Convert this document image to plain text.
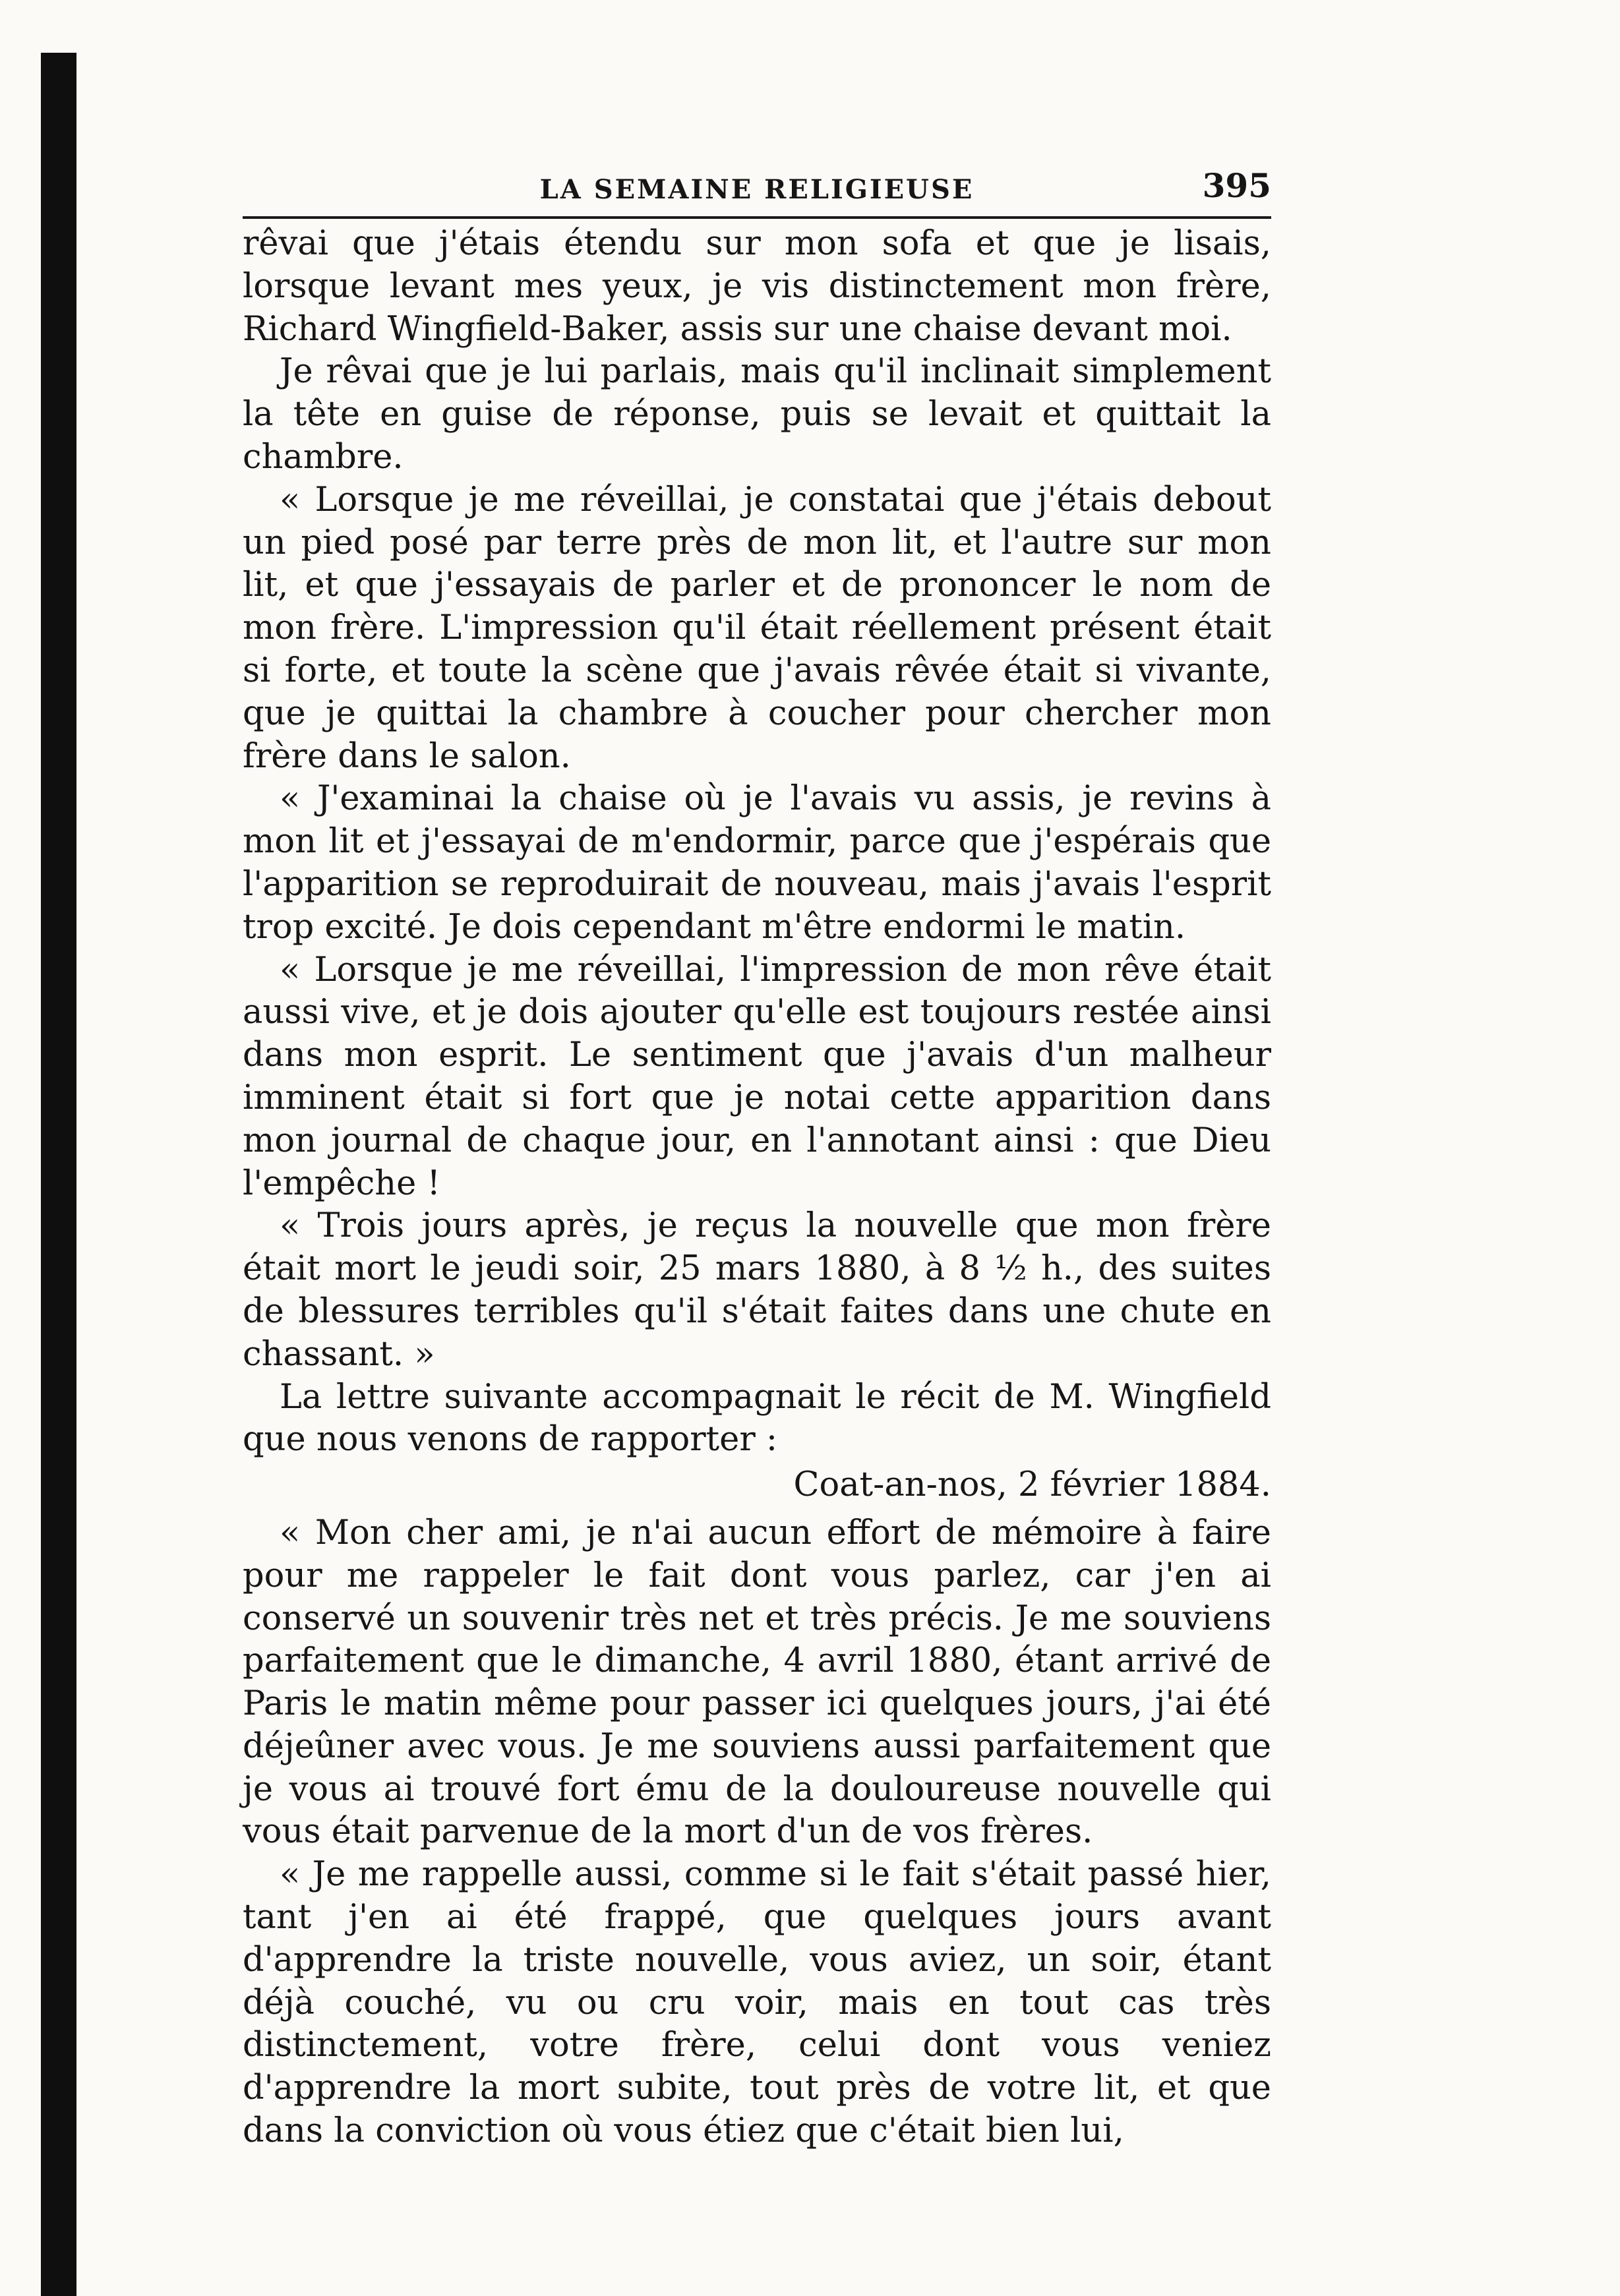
LA SEMAINE RELIGIEUSE	395

rêvai que j'étais étendu sur mon sofa et que je lisais, lorsque levant mes yeux, je vis distinctement mon frère, Richard Wingfield-Baker, assis sur une chaise devant moi.

Je rêvai que je lui parlais, mais qu'il inclinait simplement la tête en guise de réponse, puis se levait et quittait la chambre.

« Lorsque je me réveillai, je constatai que j'étais debout un pied posé par terre près de mon lit, et l'autre sur mon lit, et que j'essayais de parler et de prononcer le nom de mon frère. L'impression qu'il était réellement présent était si forte, et toute la scène que j'avais rêvée était si vivante, que je quittai la chambre à coucher pour chercher mon frère dans le salon.

« J'examinai la chaise où je l'avais vu assis, je revins à mon lit et j'essayai de m'endormir, parce que j'espérais que l'apparition se reproduirait de nouveau, mais j'avais l'esprit trop excité. Je dois cependant m'être endormi le matin.

« Lorsque je me réveillai, l'impression de mon rêve était aussi vive, et je dois ajouter qu'elle est toujours restée ainsi dans mon esprit. Le sentiment que j'avais d'un malheur imminent était si fort que je notai cette apparition dans mon journal de chaque jour, en l'annotant ainsi : que Dieu l'empêche !

« Trois jours après, je reçus la nouvelle que mon frère était mort le jeudi soir, 25 mars 1880, à 8 ½ h., des suites de blessures terribles qu'il s'était faites dans une chute en chassant. »

La lettre suivante accompagnait le récit de M. Wingfield que nous venons de rapporter :

Coat-an-nos, 2 février 1884.

« Mon cher ami, je n'ai aucun effort de mémoire à faire pour me rappeler le fait dont vous parlez, car j'en ai conservé un souvenir très net et très précis. Je me souviens parfaitement que le dimanche, 4 avril 1880, étant arrivé de Paris le matin même pour passer ici quelques jours, j'ai été déjeûner avec vous. Je me souviens aussi parfaitement que je vous ai trouvé fort ému de la douloureuse nouvelle qui vous était parvenue de la mort d'un de vos frères.

« Je me rappelle aussi, comme si le fait s'était passé hier, tant j'en ai été frappé, que quelques jours avant d'apprendre la triste nouvelle, vous aviez, un soir, étant déjà couché, vu ou cru voir, mais en tout cas très distinctement, votre frère, celui dont vous veniez d'apprendre la mort subite, tout près de votre lit, et que dans la conviction où vous étiez que c'était bien lui,
